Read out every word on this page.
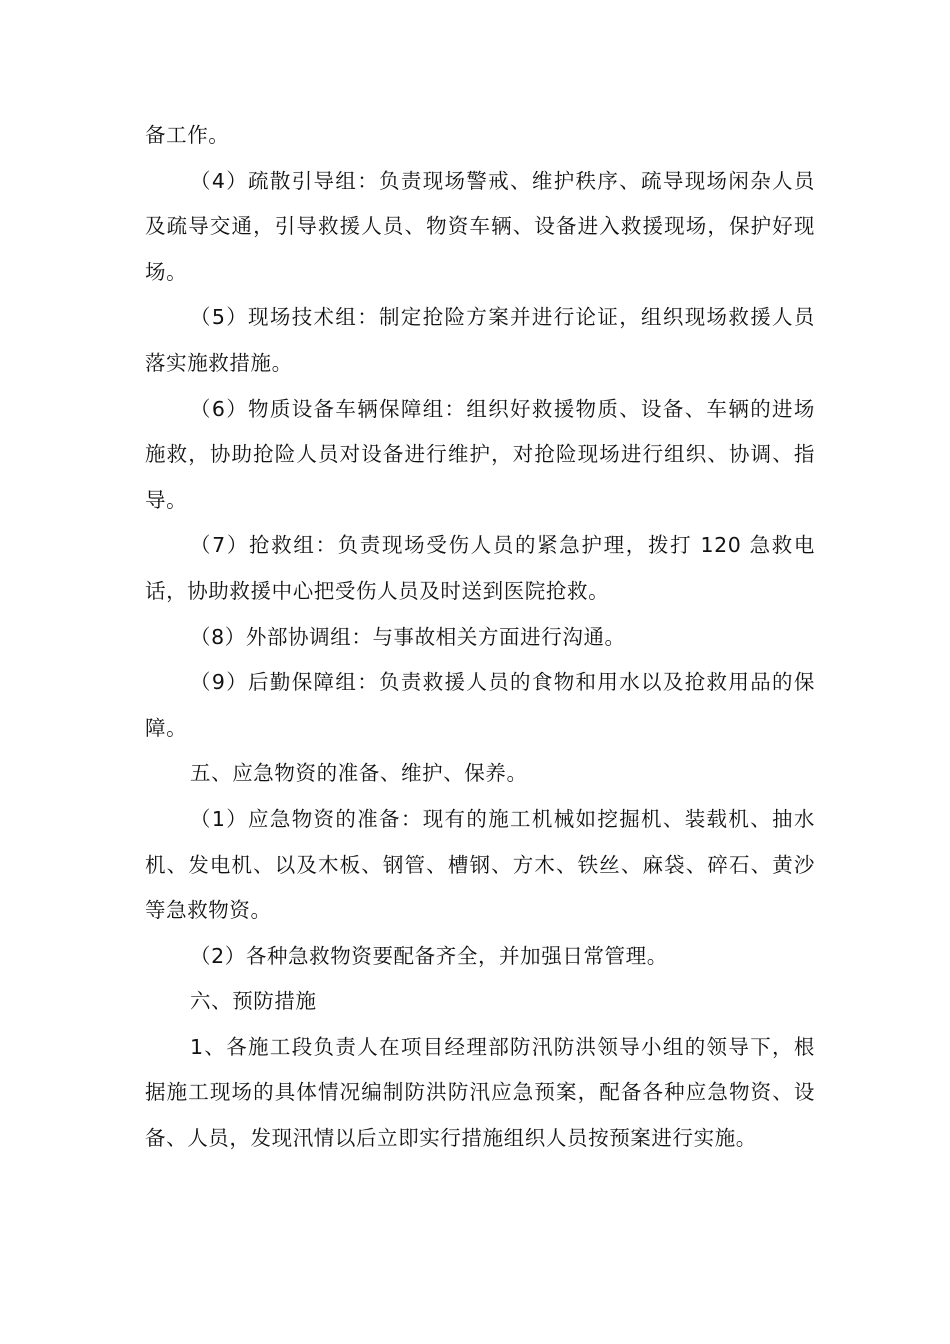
备工作。

（4）疏散引导组：负责现场警戒、维护秩序、疏导现场闲杂人员及疏导交通，引导救援人员、物资车辆、设备进入救援现场，保护好现场。

（5）现场技术组：制定抢险方案并进行论证，组织现场救援人员落实施救措施。

（6）物质设备车辆保障组：组织好救援物质、设备、车辆的进场施救，协助抢险人员对设备进行维护，对抢险现场进行组织、协调、指导。

（7）抢救组：负责现场受伤人员的紧急护理，拨打 120 急救电话，协助救援中心把受伤人员及时送到医院抢救。

（8）外部协调组：与事故相关方面进行沟通。

（9）后勤保障组：负责救援人员的食物和用水以及抢救用品的保障。

五、应急物资的准备、维护、保养。

（1）应急物资的准备：现有的施工机械如挖掘机、装载机、抽水机、发电机、以及木板、钢管、槽钢、方木、铁丝、麻袋、碎石、黄沙等急救物资。

（2）各种急救物资要配备齐全，并加强日常管理。

六、预防措施

1、各施工段负责人在项目经理部防汛防洪领导小组的领导下，根据施工现场的具体情况编制防洪防汛应急预案，配备各种应急物资、设备、人员，发现汛情以后立即实行措施组织人员按预案进行实施。
